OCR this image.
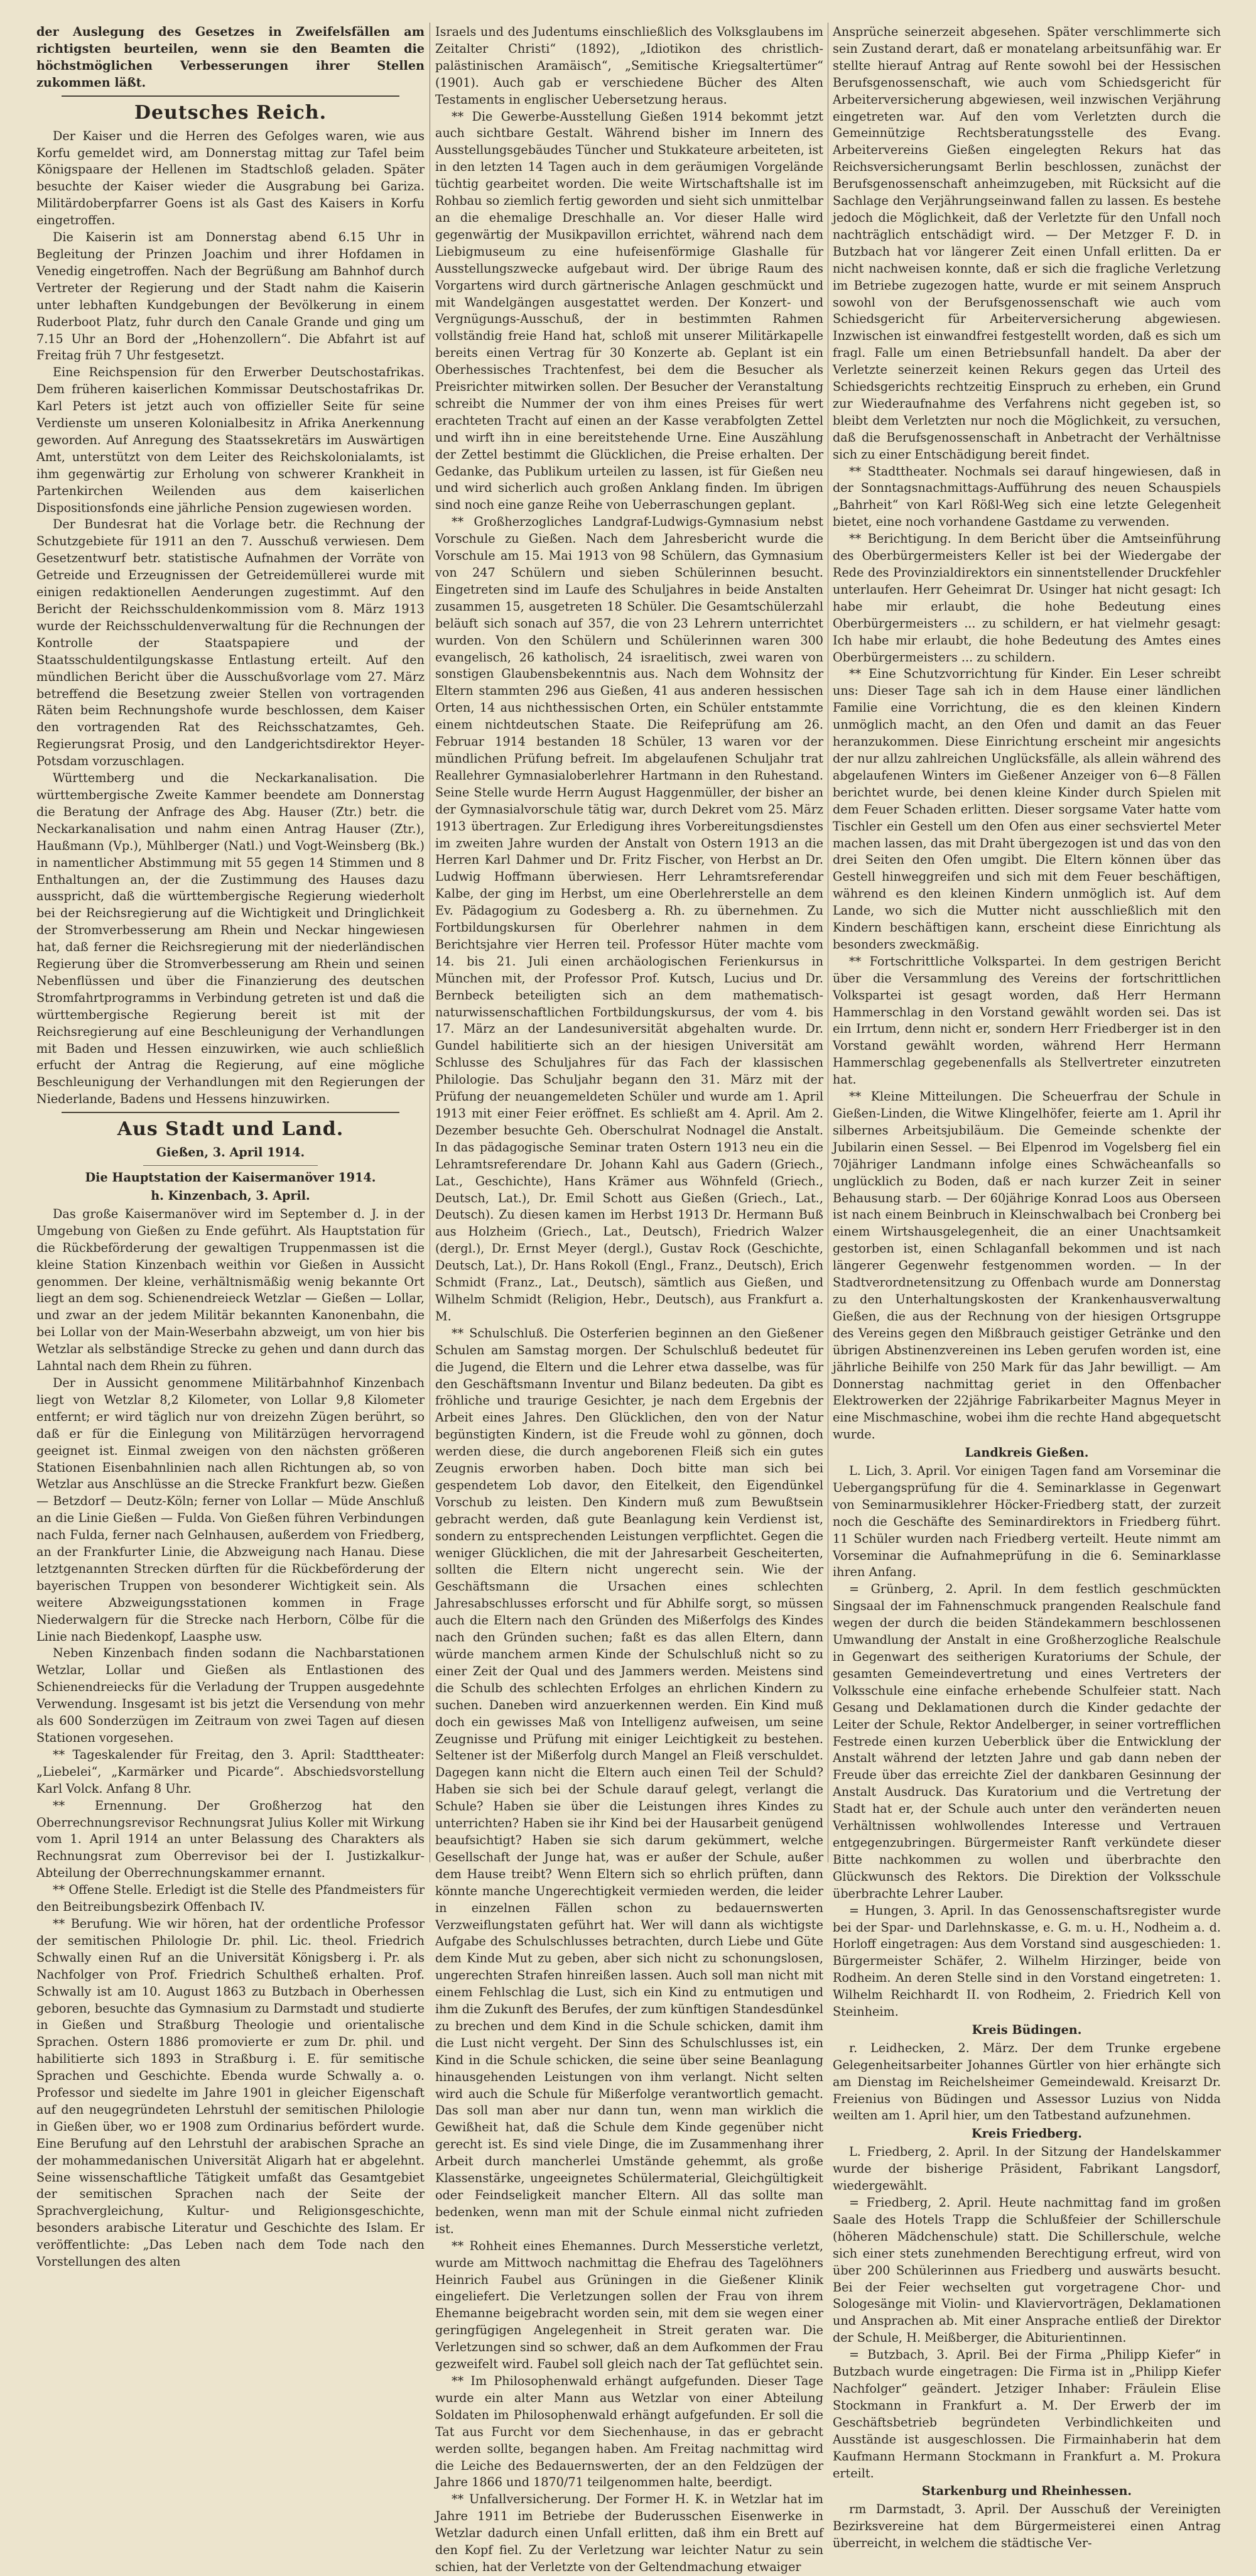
der Auslegung des Gesetzes in Zweifelsfällen am richtigsten beurteilen, wenn sie den Beamten die höchstmöglichen Verbesserungen ihrer Stellen zukommen läßt.

Deutsches Reich.

Der Kaiser und die Herren des Gefolges waren, wie aus Korfu gemeldet wird, am Donnerstag mittag zur Tafel beim Königspaare der Hellenen im Stadtschloß geladen. Später besuchte der Kaiser wieder die Ausgrabung bei Gariza. Militärdoberpfarrer Goens ist als Gast des Kaisers in Korfu eingetroffen.

Die Kaiserin ist am Donnerstag abend 6.15 Uhr in Begleitung der Prinzen Joachim und ihrer Hofdamen in Venedig eingetroffen. Nach der Begrüßung am Bahnhof durch Vertreter der Regierung und der Stadt nahm die Kaiserin unter lebhaften Kundgebungen der Bevölkerung in einem Ruderboot Platz, fuhr durch den Canale Grande und ging um 7.15 Uhr an Bord der „Hohenzollern“. Die Abfahrt ist auf Freitag früh 7 Uhr festgesetzt.

Eine Reichspension für den Erwerber Deutschostafrikas. Dem früheren kaiserlichen Kommissar Deutschostafrikas Dr. Karl Peters ist jetzt auch von offizieller Seite für seine Verdienste um unseren Kolonialbesitz in Afrika Anerkennung geworden. Auf Anregung des Staatssekretärs im Auswärtigen Amt, unterstützt von dem Leiter des Reichskolonialamts, ist ihm gegenwärtig zur Erholung von schwerer Krankheit in Partenkirchen Weilenden aus dem kaiserlichen Dispositionsfonds eine jährliche Pension zugewiesen worden.

Der Bundesrat hat die Vorlage betr. die Rechnung der Schutzgebiete für 1911 an den 7. Ausschuß verwiesen. Dem Gesetzentwurf betr. statistische Aufnahmen der Vorräte von Getreide und Erzeugnissen der Getreidemüllerei wurde mit einigen redaktionellen Aenderungen zugestimmt. Auf den Bericht der Reichsschuldenkommission vom 8. März 1913 wurde der Reichsschuldenverwaltung für die Rechnungen der Kontrolle der Staatspapiere und der Staatsschuldentilgungskasse Entlastung erteilt. Auf den mündlichen Bericht über die Ausschußvorlage vom 27. März betreffend die Besetzung zweier Stellen von vortragenden Räten beim Rechnungshofe wurde beschlossen, dem Kaiser den vortragenden Rat des Reichsschatzamtes, Geh. Regierungsrat Prosig, und den Landgerichtsdirektor Heyer-Potsdam vorzuschlagen.

Württemberg und die Neckarkanalisation. Die württembergische Zweite Kammer beendete am Donnerstag die Beratung der Anfrage des Abg. Hauser (Ztr.) betr. die Neckarkanalisation und nahm einen Antrag Hauser (Ztr.), Haußmann (Vp.), Mühlberger (Natl.) und Vogt-Weinsberg (Bk.) in namentlicher Abstimmung mit 55 gegen 14 Stimmen und 8 Enthaltungen an, der die Zustimmung des Hauses dazu ausspricht, daß die württembergische Regierung wiederholt bei der Reichsregierung auf die Wichtigkeit und Dringlichkeit der Stromverbesserung am Rhein und Neckar hingewiesen hat, daß ferner die Reichsregierung mit der niederländischen Regierung über die Stromverbesserung am Rhein und seinen Nebenflüssen und über die Finanzierung des deutschen Stromfahrtprogramms in Verbindung getreten ist und daß die württembergische Regierung bereit ist mit der Reichsregierung auf eine Beschleunigung der Verhandlungen mit Baden und Hessen einzuwirken, wie auch schließlich erfucht der Antrag die Regierung, auf eine mögliche Beschleunigung der Verhandlungen mit den Regierungen der Niederlande, Badens und Hessens hinzuwirken.

Aus Stadt und Land.
Gießen, 3. April 1914.
Die Hauptstation der Kaisermanöver 1914.
h. Kinzenbach, 3. April.

Das große Kaisermanöver wird im September d. J. in der Umgebung von Gießen zu Ende geführt. Als Hauptstation für die Rückbeförderung der gewaltigen Truppenmassen ist die kleine Station Kinzenbach weithin vor Gießen in Aussicht genommen. Der kleine, verhältnismäßig wenig bekannte Ort liegt an dem sog. Schienendreieck Wetzlar — Gießen — Lollar, und zwar an der jedem Militär bekannten Kanonenbahn, die bei Lollar von der Main-Weserbahn abzweigt, um von hier bis Wetzlar als selbständige Strecke zu gehen und dann durch das Lahntal nach dem Rhein zu führen.

Der in Aussicht genommene Militärbahnhof Kinzenbach liegt von Wetzlar 8,2 Kilometer, von Lollar 9,8 Kilometer entfernt; er wird täglich nur von dreizehn Zügen berührt, so daß er für die Einlegung von Militärzügen hervorragend geeignet ist. Einmal zweigen von den nächsten größeren Stationen Eisenbahnlinien nach allen Richtungen ab, so von Wetzlar aus Anschlüsse an die Strecke Frankfurt bezw. Gießen — Betzdorf — Deutz-Köln; ferner von Lollar — Müde Anschluß an die Linie Gießen — Fulda. Von Gießen führen Verbindungen nach Fulda, ferner nach Gelnhausen, außerdem von Friedberg, an der Frankfurter Linie, die Abzweigung nach Hanau. Diese letztgenannten Strecken dürften für die Rückbeförderung der bayerischen Truppen von besonderer Wichtigkeit sein. Als weitere Abzweigungsstationen kommen in Frage Niederwalgern für die Strecke nach Herborn, Cölbe für die Linie nach Biedenkopf, Laasphe usw.

Neben Kinzenbach finden sodann die Nachbarstationen Wetzlar, Lollar und Gießen als Entlastionen des Schienendreiecks für die Verladung der Truppen ausgedehnte Verwendung. Insgesamt ist bis jetzt die Versendung von mehr als 600 Sonderzügen im Zeitraum von zwei Tagen auf diesen Stationen vorgesehen.

** Tageskalender für Freitag, den 3. April: Stadttheater: „Liebelei“, „Karmärker und Picarde“. Abschiedsvorstellung Karl Volck. Anfang 8 Uhr.

** Ernennung. Der Großherzog hat den Oberrechnungsrevisor Rechnungsrat Julius Koller mit Wirkung vom 1. April 1914 an unter Belassung des Charakters als Rechnungsrat zum Oberrevisor bei der I. Justizkalkur-Abteilung der Oberrechnungskammer ernannt.

** Offene Stelle. Erledigt ist die Stelle des Pfandmeisters für den Beitreibungsbezirk Offenbach IV.

** Berufung. Wie wir hören, hat der ordentliche Professor der semitischen Philologie Dr. phil. Lic. theol. Friedrich Schwally einen Ruf an die Universität Königsberg i. Pr. als Nachfolger von Prof. Friedrich Schultheß erhalten. Prof. Schwally ist am 10. August 1863 zu Butzbach in Oberhessen geboren, besuchte das Gymnasium zu Darmstadt und studierte in Gießen und Straßburg Theologie und orientalische Sprachen. Ostern 1886 promovierte er zum Dr. phil. und habilitierte sich 1893 in Straßburg i. E. für semitische Sprachen und Geschichte. Ebenda wurde Schwally a. o. Professor und siedelte im Jahre 1901 in gleicher Eigenschaft auf den neugegründeten Lehrstuhl der semitischen Philologie in Gießen über, wo er 1908 zum Ordinarius befördert wurde. Eine Berufung auf den Lehrstuhl der arabischen Sprache an der mohammedanischen Universität Aligarh hat er abgelehnt. Seine wissenschaftliche Tätigkeit umfaßt das Gesamtgebiet der semitischen Sprachen nach der Seite der Sprachvergleichung, Kultur- und Religionsgeschichte, besonders arabische Literatur und Geschichte des Islam. Er veröffentlichte: „Das Leben nach dem Tode nach den Vorstellungen des alten

Israels und des Judentums einschließlich des Volksglaubens im Zeitalter Christi“ (1892), „Idiotikon des christlich-palästinischen Aramäisch“, „Semitische Kriegsaltertümer“ (1901). Auch gab er verschiedene Bücher des Alten Testaments in englischer Uebersetzung heraus.

** Die Gewerbe-Ausstellung Gießen 1914 bekommt jetzt auch sichtbare Gestalt. Während bisher im Innern des Ausstellungsgebäudes Tüncher und Stukkateure arbeiteten, ist in den letzten 14 Tagen auch in dem geräumigen Vorgelände tüchtig gearbeitet worden. Die weite Wirtschaftshalle ist im Rohbau so ziemlich fertig geworden und sieht sich unmittelbar an die ehemalige Dreschhalle an. Vor dieser Halle wird gegenwärtig der Musikpavillon errichtet, während nach dem Liebigmuseum zu eine hufeisenförmige Glashalle für Ausstellungszwecke aufgebaut wird. Der übrige Raum des Vorgartens wird durch gärtnerische Anlagen geschmückt und mit Wandelgängen ausgestattet werden. Der Konzert- und Vergnügungs-Ausschuß, der in bestimmten Rahmen vollständig freie Hand hat, schloß mit unserer Militärkapelle bereits einen Vertrag für 30 Konzerte ab. Geplant ist ein Oberhessisches Trachtenfest, bei dem die Besucher als Preisrichter mitwirken sollen. Der Besucher der Veranstaltung schreibt die Nummer der von ihm eines Preises für wert erachteten Tracht auf einen an der Kasse verabfolgten Zettel und wirft ihn in eine bereitstehende Urne. Eine Auszählung der Zettel bestimmt die Glücklichen, die Preise erhalten. Der Gedanke, das Publikum urteilen zu lassen, ist für Gießen neu und wird sicherlich auch großen Anklang finden. Im übrigen sind noch eine ganze Reihe von Ueberraschungen geplant.

** Großherzogliches Landgraf-Ludwigs-Gymnasium nebst Vorschule zu Gießen. Nach dem Jahresbericht wurde die Vorschule am 15. Mai 1913 von 98 Schülern, das Gymnasium von 247 Schülern und sieben Schülerinnen besucht. Eingetreten sind im Laufe des Schuljahres in beide Anstalten zusammen 15, ausgetreten 18 Schüler. Die Gesamtschülerzahl beläuft sich sonach auf 357, die von 23 Lehrern unterrichtet wurden. Von den Schülern und Schülerinnen waren 300 evangelisch, 26 katholisch, 24 israelitisch, zwei waren von sonstigen Glaubensbekenntnis aus. Nach dem Wohnsitz der Eltern stammten 296 aus Gießen, 41 aus anderen hessischen Orten, 14 aus nichthessischen Orten, ein Schüler entstammte einem nichtdeutschen Staate. Die Reifeprüfung am 26. Februar 1914 bestanden 18 Schüler, 13 waren vor der mündlichen Prüfung befreit. Im abgelaufenen Schuljahr trat Reallehrer Gymnasialoberlehrer Hartmann in den Ruhestand. Seine Stelle wurde Herrn August Haggenmüller, der bisher an der Gymnasialvorschule tätig war, durch Dekret vom 25. März 1913 übertragen. Zur Erledigung ihres Vorbereitungsdienstes im zweiten Jahre wurden der Anstalt von Ostern 1913 an die Herren Karl Dahmer und Dr. Fritz Fischer, von Herbst an Dr. Ludwig Hoffmann überwiesen. Herr Lehramtsreferendar Kalbe, der ging im Herbst, um eine Oberlehrerstelle an dem Ev. Pädagogium zu Godesberg a. Rh. zu übernehmen. Zu Fortbildungskursen für Oberlehrer nahmen in dem Berichtsjahre vier Herren teil. Professor Hüter machte vom 14. bis 21. Juli einen archäologischen Ferienkursus in München mit, der Professor Prof. Kutsch, Lucius und Dr. Bernbeck beteiligten sich an dem mathematisch-naturwissenschaftlichen Fortbildungskursus, der vom 4. bis 17. März an der Landesuniversität abgehalten wurde. Dr. Gundel habilitierte sich an der hiesigen Universität am Schlusse des Schuljahres für das Fach der klassischen Philologie. Das Schuljahr begann den 31. März mit der Prüfung der neuangemeldeten Schüler und wurde am 1. April 1913 mit einer Feier eröffnet. Es schließt am 4. April. Am 2. Dezember besuchte Geh. Oberschulrat Nodnagel die Anstalt. In das pädagogische Seminar traten Ostern 1913 neu ein die Lehramtsreferendare Dr. Johann Kahl aus Gadern (Griech., Lat., Geschichte), Hans Krämer aus Wöhnfeld (Griech., Deutsch, Lat.), Dr. Emil Schott aus Gießen (Griech., Lat., Deutsch). Zu diesen kamen im Herbst 1913 Dr. Hermann Buß aus Holzheim (Griech., Lat., Deutsch), Friedrich Walzer (dergl.), Dr. Ernst Meyer (dergl.), Gustav Rock (Geschichte, Deutsch, Lat.), Dr. Hans Rokoll (Engl., Franz., Deutsch), Erich Schmidt (Franz., Lat., Deutsch), sämtlich aus Gießen, und Wilhelm Schmidt (Religion, Hebr., Deutsch), aus Frankfurt a. M.

** Schulschluß. Die Osterferien beginnen an den Gießener Schulen am Samstag morgen. Der Schulschluß bedeutet für die Jugend, die Eltern und die Lehrer etwa dasselbe, was für den Geschäftsmann Inventur und Bilanz bedeuten. Da gibt es fröhliche und traurige Gesichter, je nach dem Ergebnis der Arbeit eines Jahres. Den Glücklichen, den von der Natur begünstigten Kindern, ist die Freude wohl zu gönnen, doch werden diese, die durch angeborenen Fleiß sich ein gutes Zeugnis erworben haben. Doch bitte man sich bei gespendetem Lob davor, den Eitelkeit, den Eigendünkel Vorschub zu leisten. Den Kindern muß zum Bewußtsein gebracht werden, daß gute Beanlagung kein Verdienst ist, sondern zu entsprechenden Leistungen verpflichtet. Gegen die weniger Glücklichen, die mit der Jahresarbeit Gescheiterten, sollten die Eltern nicht ungerecht sein. Wie der Geschäftsmann die Ursachen eines schlechten Jahresabschlusses erforscht und für Abhilfe sorgt, so müssen auch die Eltern nach den Gründen des Mißerfolgs des Kindes nach den Gründen suchen; faßt es das allen Eltern, dann würde manchem armen Kinde der Schulschluß nicht so zu einer Zeit der Qual und des Jammers werden. Meistens sind die Schulb des schlechten Erfolges an ehrlichen Kindern zu suchen. Daneben wird anzuerkennen werden. Ein Kind muß doch ein gewisses Maß von Intelligenz aufweisen, um seine Zeugnisse und Prüfung mit einiger Leichtigkeit zu bestehen. Seltener ist der Mißerfolg durch Mangel an Fleiß verschuldet. Dagegen kann nicht die Eltern auch einen Teil der Schuld? Haben sie sich bei der Schule darauf gelegt, verlangt die Schule? Haben sie über die Leistungen ihres Kindes zu unterrichten? Haben sie ihr Kind bei der Hausarbeit genügend beaufsichtigt? Haben sie sich darum gekümmert, welche Gesellschaft der Junge hat, was er außer der Schule, außer dem Hause treibt? Wenn Eltern sich so ehrlich prüften, dann könnte manche Ungerechtigkeit vermieden werden, die leider in einzelnen Fällen schon zu bedauernswerten Verzweiflungstaten geführt hat. Wer will dann als wichtigste Aufgabe des Schulschlusses betrachten, durch Liebe und Güte dem Kinde Mut zu geben, aber sich nicht zu schonungslosen, ungerechten Strafen hinreißen lassen. Auch soll man nicht mit einem Fehlschlag die Lust, sich ein Kind zu entmutigen und ihm die Zukunft des Berufes, der zum künftigen Standesdünkel zu brechen und dem Kind in die Schule schicken, damit ihm die Lust nicht vergeht. Der Sinn des Schulschlusses ist, ein Kind in die Schule schicken, die seine über seine Beanlagung hinausgehenden Leistungen von ihm verlangt. Nicht selten wird auch die Schule für Mißerfolge verantwortlich gemacht. Das soll man aber nur dann tun, wenn man wirklich die Gewißheit hat, daß die Schule dem Kinde gegenüber nicht gerecht ist. Es sind viele Dinge, die im Zusammenhang ihrer Arbeit durch mancherlei Umstände gehemmt, als große Klassenstärke, ungeeignetes Schülermaterial, Gleichgültigkeit oder Feindseligkeit mancher Eltern. All das sollte man bedenken, wenn man mit der Schule einmal nicht zufrieden ist.

** Rohheit eines Ehemannes. Durch Messerstiche verletzt, wurde am Mittwoch nachmittag die Ehefrau des Tagelöhners Heinrich Faubel aus Grüningen in die Gießener Klinik eingeliefert. Die Verletzungen sollen der Frau von ihrem Ehemanne beigebracht worden sein, mit dem sie wegen einer geringfügigen Angelegenheit in Streit geraten war. Die Verletzungen sind so schwer, daß an dem Aufkommen der Frau gezweifelt wird. Faubel soll gleich nach der Tat geflüchtet sein.

** Im Philosophenwald erhängt aufgefunden. Dieser Tage wurde ein alter Mann aus Wetzlar von einer Abteilung Soldaten im Philosophenwald erhängt aufgefunden. Er soll die Tat aus Furcht vor dem Siechenhause, in das er gebracht werden sollte, begangen haben. Am Freitag nachmittag wird die Leiche des Bedauernswerten, der an den Feldzügen der Jahre 1866 und 1870/71 teilgenommen halte, beerdigt.

** Unfallversicherung. Der Former H. K. in Wetzlar hat im Jahre 1911 im Betriebe der Buderusschen Eisenwerke in Wetzlar dadurch einen Unfall erlitten, daß ihm ein Brett auf den Kopf fiel. Zu der Verletzung war leichter Natur zu sein schien, hat der Verletzte von der Geltendmachung etwaiger

Ansprüche seinerzeit abgesehen. Später verschlimmerte sich sein Zustand derart, daß er monatelang arbeitsunfähig war. Er stellte hierauf Antrag auf Rente sowohl bei der Hessischen Berufsgenossenschaft, wie auch vom Schiedsgericht für Arbeiterversicherung abgewiesen, weil inzwischen Verjährung eingetreten war. Auf den vom Verletzten durch die Gemeinnützige Rechtsberatungsstelle des Evang. Arbeitervereins Gießen eingelegten Rekurs hat das Reichsversicherungsamt Berlin beschlossen, zunächst der Berufsgenossenschaft anheimzugeben, mit Rücksicht auf die Sachlage den Verjährungseinwand fallen zu lassen. Es bestehe jedoch die Möglichkeit, daß der Verletzte für den Unfall noch nachträglich entschädigt wird. — Der Metzger F. D. in Butzbach hat vor längerer Zeit einen Unfall erlitten. Da er nicht nachweisen konnte, daß er sich die fragliche Verletzung im Betriebe zugezogen hatte, wurde er mit seinem Anspruch sowohl von der Berufsgenossenschaft wie auch vom Schiedsgericht für Arbeiterversicherung abgewiesen. Inzwischen ist einwandfrei festgestellt worden, daß es sich um fragl. Falle um einen Betriebsunfall handelt. Da aber der Verletzte seinerzeit keinen Rekurs gegen das Urteil des Schiedsgerichts rechtzeitig Einspruch zu erheben, ein Grund zur Wiederaufnahme des Verfahrens nicht gegeben ist, so bleibt dem Verletzten nur noch die Möglichkeit, zu versuchen, daß die Berufsgenossenschaft in Anbetracht der Verhältnisse sich zu einer Entschädigung bereit findet.

** Stadttheater. Nochmals sei darauf hingewiesen, daß in der Sonntagsnachmittags-Aufführung des neuen Schauspiels „Bahrheit“ von Karl Rößl-Weg sich eine letzte Gelegenheit bietet, eine noch vorhandene Gastdame zu verwenden.

** Berichtigung. In dem Bericht über die Amtseinführung des Oberbürgermeisters Keller ist bei der Wiedergabe der Rede des Provinzialdirektors ein sinnentstellender Druckfehler unterlaufen. Herr Geheimrat Dr. Usinger hat nicht gesagt: Ich habe mir erlaubt, die hohe Bedeutung eines Oberbürgermeisters ... zu schildern, er hat vielmehr gesagt: Ich habe mir erlaubt, die hohe Bedeutung des Amtes eines Oberbürgermeisters ... zu schildern.

** Eine Schutzvorrichtung für Kinder. Ein Leser schreibt uns: Dieser Tage sah ich in dem Hause einer ländlichen Familie eine Vorrichtung, die es den kleinen Kindern unmöglich macht, an den Ofen und damit an das Feuer heranzukommen. Diese Einrichtung erscheint mir angesichts der nur allzu zahlreichen Unglücksfälle, als allein während des abgelaufenen Winters im Gießener Anzeiger von 6—8 Fällen berichtet wurde, bei denen kleine Kinder durch Spielen mit dem Feuer Schaden erlitten. Dieser sorgsame Vater hatte vom Tischler ein Gestell um den Ofen aus einer sechsviertel Meter machen lassen, das mit Draht übergezogen ist und das von den drei Seiten den Ofen umgibt. Die Eltern können über das Gestell hinweggreifen und sich mit dem Feuer beschäftigen, während es den kleinen Kindern unmöglich ist. Auf dem Lande, wo sich die Mutter nicht ausschließlich mit den Kindern beschäftigen kann, erscheint diese Einrichtung als besonders zweckmäßig.

** Fortschrittliche Volkspartei. In dem gestrigen Bericht über die Versammlung des Vereins der fortschrittlichen Volkspartei ist gesagt worden, daß Herr Hermann Hammerschlag in den Vorstand gewählt worden sei. Das ist ein Irrtum, denn nicht er, sondern Herr Friedberger ist in den Vorstand gewählt worden, während Herr Hermann Hammerschlag gegebenenfalls als Stellvertreter einzutreten hat.

** Kleine Mitteilungen. Die Scheuerfrau der Schule in Gießen-Linden, die Witwe Klingelhöfer, feierte am 1. April ihr silbernes Arbeitsjubiläum. Die Gemeinde schenkte der Jubilarin einen Sessel. — Bei Elpenrod im Vogelsberg fiel ein 70jähriger Landmann infolge eines Schwächeanfalls so unglücklich zu Boden, daß er nach kurzer Zeit in seiner Behausung starb. — Der 60jährige Konrad Loos aus Oberseen ist nach einem Beinbruch in Kleinschwalbach bei Cronberg bei einem Wirtshausgelegenheit, die an einer Unachtsamkeit gestorben ist, einen Schlaganfall bekommen und ist nach längerer Gegenwehr festgenommen worden. — In der Stadtverordnetensitzung zu Offenbach wurde am Donnerstag zu den Unterhaltungskosten der Krankenhausverwaltung Gießen, die aus der Rechnung von der hiesigen Ortsgruppe des Vereins gegen den Mißbrauch geistiger Getränke und den übrigen Abstinenzvereinen ins Leben gerufen worden ist, eine jährliche Beihilfe von 250 Mark für das Jahr bewilligt. — Am Donnerstag nachmittag geriet in den Offenbacher Elektrowerken der 22jährige Fabrikarbeiter Magnus Meyer in eine Mischmaschine, wobei ihm die rechte Hand abgequetscht wurde.

Landkreis Gießen.

L. Lich, 3. April. Vor einigen Tagen fand am Vorseminar die Uebergangsprüfung für die 4. Seminarklasse in Gegenwart von Seminarmusiklehrer Höcker-Friedberg statt, der zurzeit noch die Geschäfte des Seminardirektors in Friedberg führt. 11 Schüler wurden nach Friedberg verteilt. Heute nimmt am Vorseminar die Aufnahmeprüfung in die 6. Seminarklasse ihren Anfang.

= Grünberg, 2. April. In dem festlich geschmückten Singsaal der im Fahnenschmuck prangenden Realschule fand wegen der durch die beiden Ständekammern beschlossenen Umwandlung der Anstalt in eine Großherzogliche Realschule in Gegenwart des seitherigen Kuratoriums der Schule, der gesamten Gemeindevertretung und eines Vertreters der Volksschule eine einfache erhebende Schulfeier statt. Nach Gesang und Deklamationen durch die Kinder gedachte der Leiter der Schule, Rektor Andelberger, in seiner vortrefflichen Festrede einen kurzen Ueberblick über die Entwicklung der Anstalt während der letzten Jahre und gab dann neben der Freude über das erreichte Ziel der dankbaren Gesinnung der Anstalt Ausdruck. Das Kuratorium und die Vertretung der Stadt hat er, der Schule auch unter den veränderten neuen Verhältnissen wohlwollendes Interesse und Vertrauen entgegenzubringen. Bürgermeister Ranft verkündete dieser Bitte nachkommen zu wollen und überbrachte den Glückwunsch des Rektors. Die Direktion der Volksschule überbrachte Lehrer Lauber.

= Hungen, 3. April. In das Genossenschaftsregister wurde bei der Spar- und Darlehnskasse, e. G. m. u. H., Nodheim a. d. Horloff eingetragen: Aus dem Vorstand sind ausgeschieden: 1. Bürgermeister Schäfer, 2. Wilhelm Hirzinger, beide von Rodheim. An deren Stelle sind in den Vorstand eingetreten: 1. Wilhelm Reichhardt II. von Rodheim, 2. Friedrich Kell von Steinheim.

Kreis Büdingen.

r. Leidhecken, 2. März. Der dem Trunke ergebene Gelegenheitsarbeiter Johannes Gürtler von hier erhängte sich am Dienstag im Reichelsheimer Gemeindewald. Kreisarzt Dr. Freienius von Büdingen und Assessor Luzius von Nidda weilten am 1. April hier, um den Tatbestand aufzunehmen.

Kreis Friedberg.

L. Friedberg, 2. April. In der Sitzung der Handelskammer wurde der bisherige Präsident, Fabrikant Langsdorf, wiedergewählt.

= Friedberg, 2. April. Heute nachmittag fand im großen Saale des Hotels Trapp die Schlußfeier der Schillerschule (höheren Mädchenschule) statt. Die Schillerschule, welche sich einer stets zunehmenden Berechtigung erfreut, wird von über 200 Schülerinnen aus Friedberg und auswärts besucht. Bei der Feier wechselten gut vorgetragene Chor- und Sologesänge mit Violin- und Klaviervorträgen, Deklamationen und Ansprachen ab. Mit einer Ansprache entließ der Direktor der Schule, H. Meißberger, die Abiturientinnen.

= Butzbach, 3. April. Bei der Firma „Philipp Kiefer“ in Butzbach wurde eingetragen: Die Firma ist in „Philipp Kiefer Nachfolger“ geändert. Jetziger Inhaber: Fräulein Elise Stockmann in Frankfurt a. M. Der Erwerb der im Geschäftsbetrieb begründeten Verbindlichkeiten und Ausstände ist ausgeschlossen. Die Firmainhaberin hat dem Kaufmann Hermann Stockmann in Frankfurt a. M. Prokura erteilt.

Starkenburg und Rheinhessen.

rm Darmstadt, 3. April. Der Ausschuß der Vereinigten Bezirksvereine hat dem Bürgermeisterei einen Antrag überreicht, in welchem die städtische Ver-
